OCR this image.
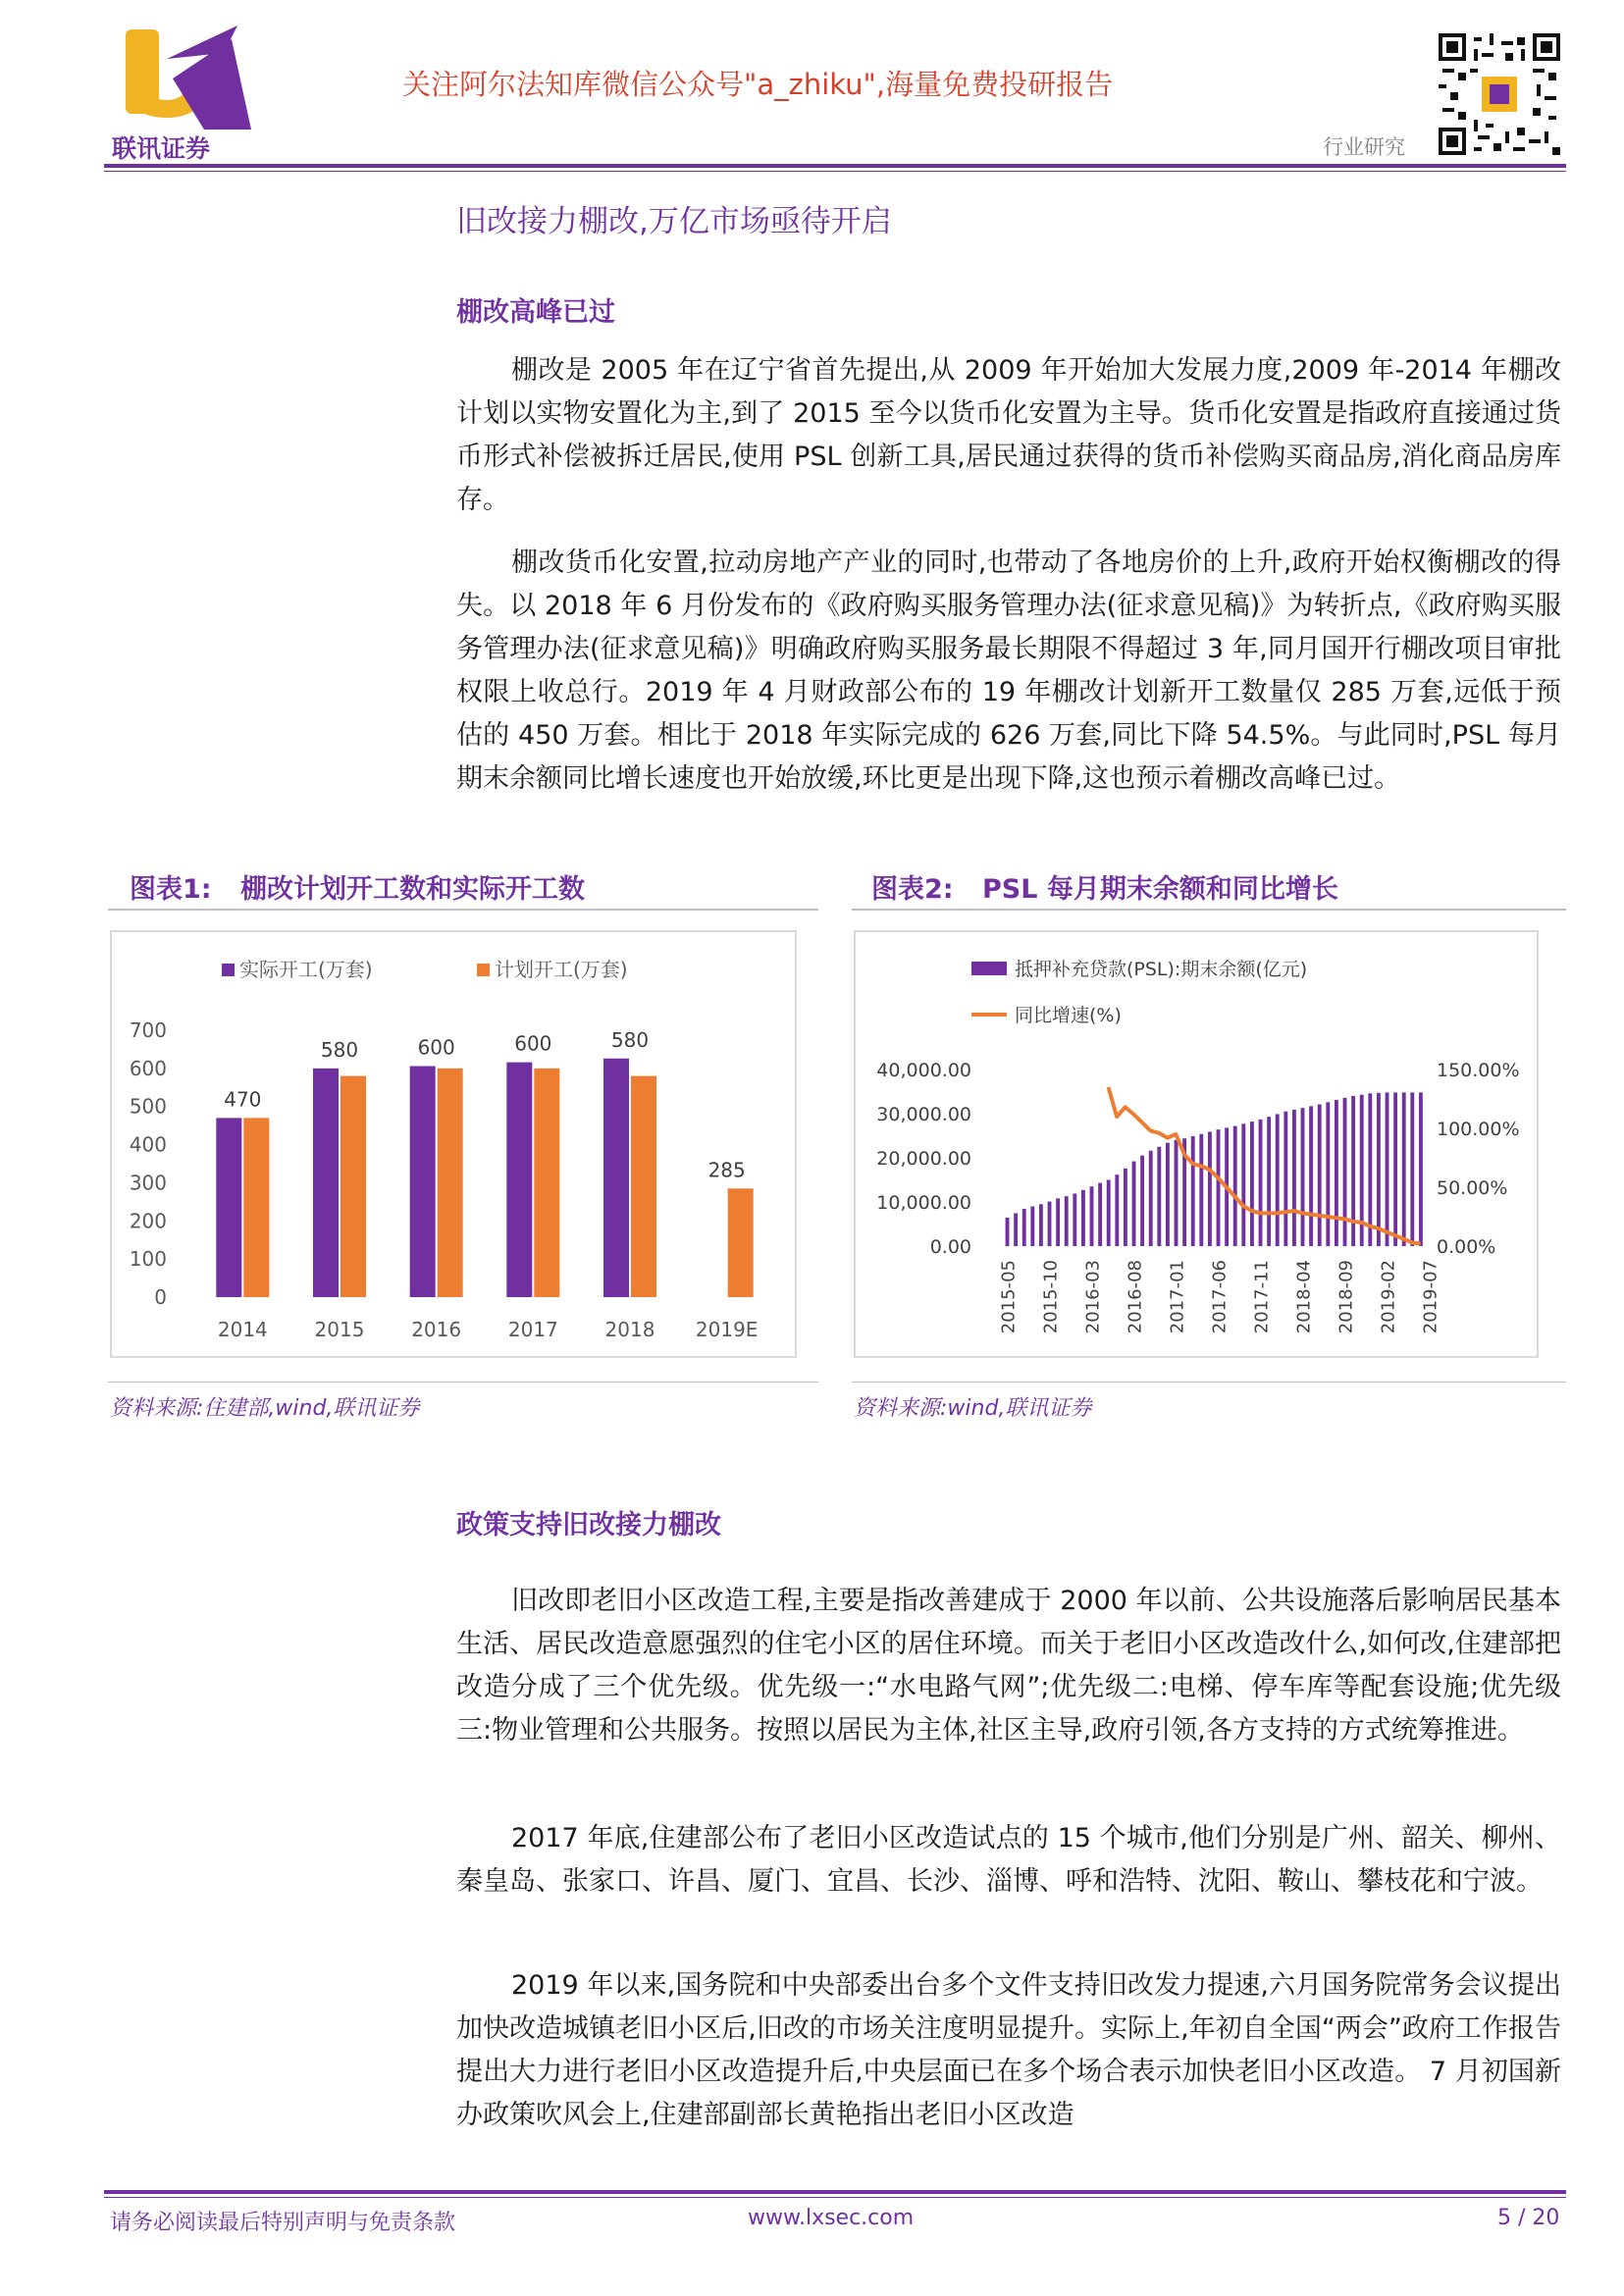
联讯证券
关注阿尔法知库微信公众号"a_zhiku",海量免费投研报告
行业研究
旧改接力棚改,万亿市场亟待开启
棚改高峰已过

棚改是 2005 年在辽宁省首先提出,从 2009 年开始加大发展力度,2009 年-2014 年棚改计划以实物安置化为主,到了 2015 至今以货币化安置为主导。货币化安置是指政府直接通过货币形式补偿被拆迁居民,使用 PSL 创新工具,居民通过获得的货币补偿购买商品房,消化商品房库存。

棚改货币化安置,拉动房地产产业的同时,也带动了各地房价的上升,政府开始权衡棚改的得失。以 2018 年 6 月份发布的《政府购买服务管理办法(征求意见稿)》为转折点,《政府购买服务管理办法(征求意见稿)》明确政府购买服务最长期限不得超过 3 年,同月国开行棚改项目审批权限上收总行。2019 年 4 月财政部公布的 19 年棚改计划新开工数量仅 285 万套,远低于预估的 450 万套。相比于 2018 年实际完成的 626 万套,同比下降 54.5%。与此同时,PSL 每月期末余额同比增长速度也开始放缓,环比更是出现下降,这也预示着棚改高峰已过。

图表1: 棚改计划开工数和实际开工数
0
100
200
300
400
500
600
700
470
2014
580
2015
600
2016
600
2017
580
2018
285
2019E
实际开工(万套)	计划开工(万套)
资料来源:住建部,wind,联讯证券
图表2: PSL 每月期末余额和同比增长
0.00
10,000.00
20,000.00
30,000.00
40,000.00
0.00%
50.00%
100.00%
150.00%
2015-05 2015-10 2016-03 2016-08 2017-01 2017-06 2017-11 2018-04 2018-09 2019-02 2019-07
抵押补充贷款(PSL):期末余额(亿元)
同比增速(%)
资料来源:wind,联讯证券
政策支持旧改接力棚改

旧改即老旧小区改造工程,主要是指改善建成于 2000 年以前、公共设施落后影响居民基本生活、居民改造意愿强烈的住宅小区的居住环境。而关于老旧小区改造改什么,如何改,住建部把改造分成了三个优先级。优先级一:“水电路气网”;优先级二:电梯、停车库等配套设施;优先级三:物业管理和公共服务。按照以居民为主体,社区主导,政府引领,各方支持的方式统筹推进。

2017 年底,住建部公布了老旧小区改造试点的 15 个城市,他们分别是广州、韶关、柳州、秦皇岛、张家口、许昌、厦门、宜昌、长沙、淄博、呼和浩特、沈阳、鞍山、攀枝花和宁波。

2019 年以来,国务院和中央部委出台多个文件支持旧改发力提速,六月国务院常务会议提出加快改造城镇老旧小区后,旧改的市场关注度明显提升。实际上,年初自全国“两会”政府工作报告提出大力进行老旧小区改造提升后,中央层面已在多个场合表示加快老旧小区改造。 7 月初国新办政策吹风会上,住建部副部长黄艳指出老旧小区改造

请务必阅读最后特别声明与免责条款	www.lxsec.com	5 / 20
